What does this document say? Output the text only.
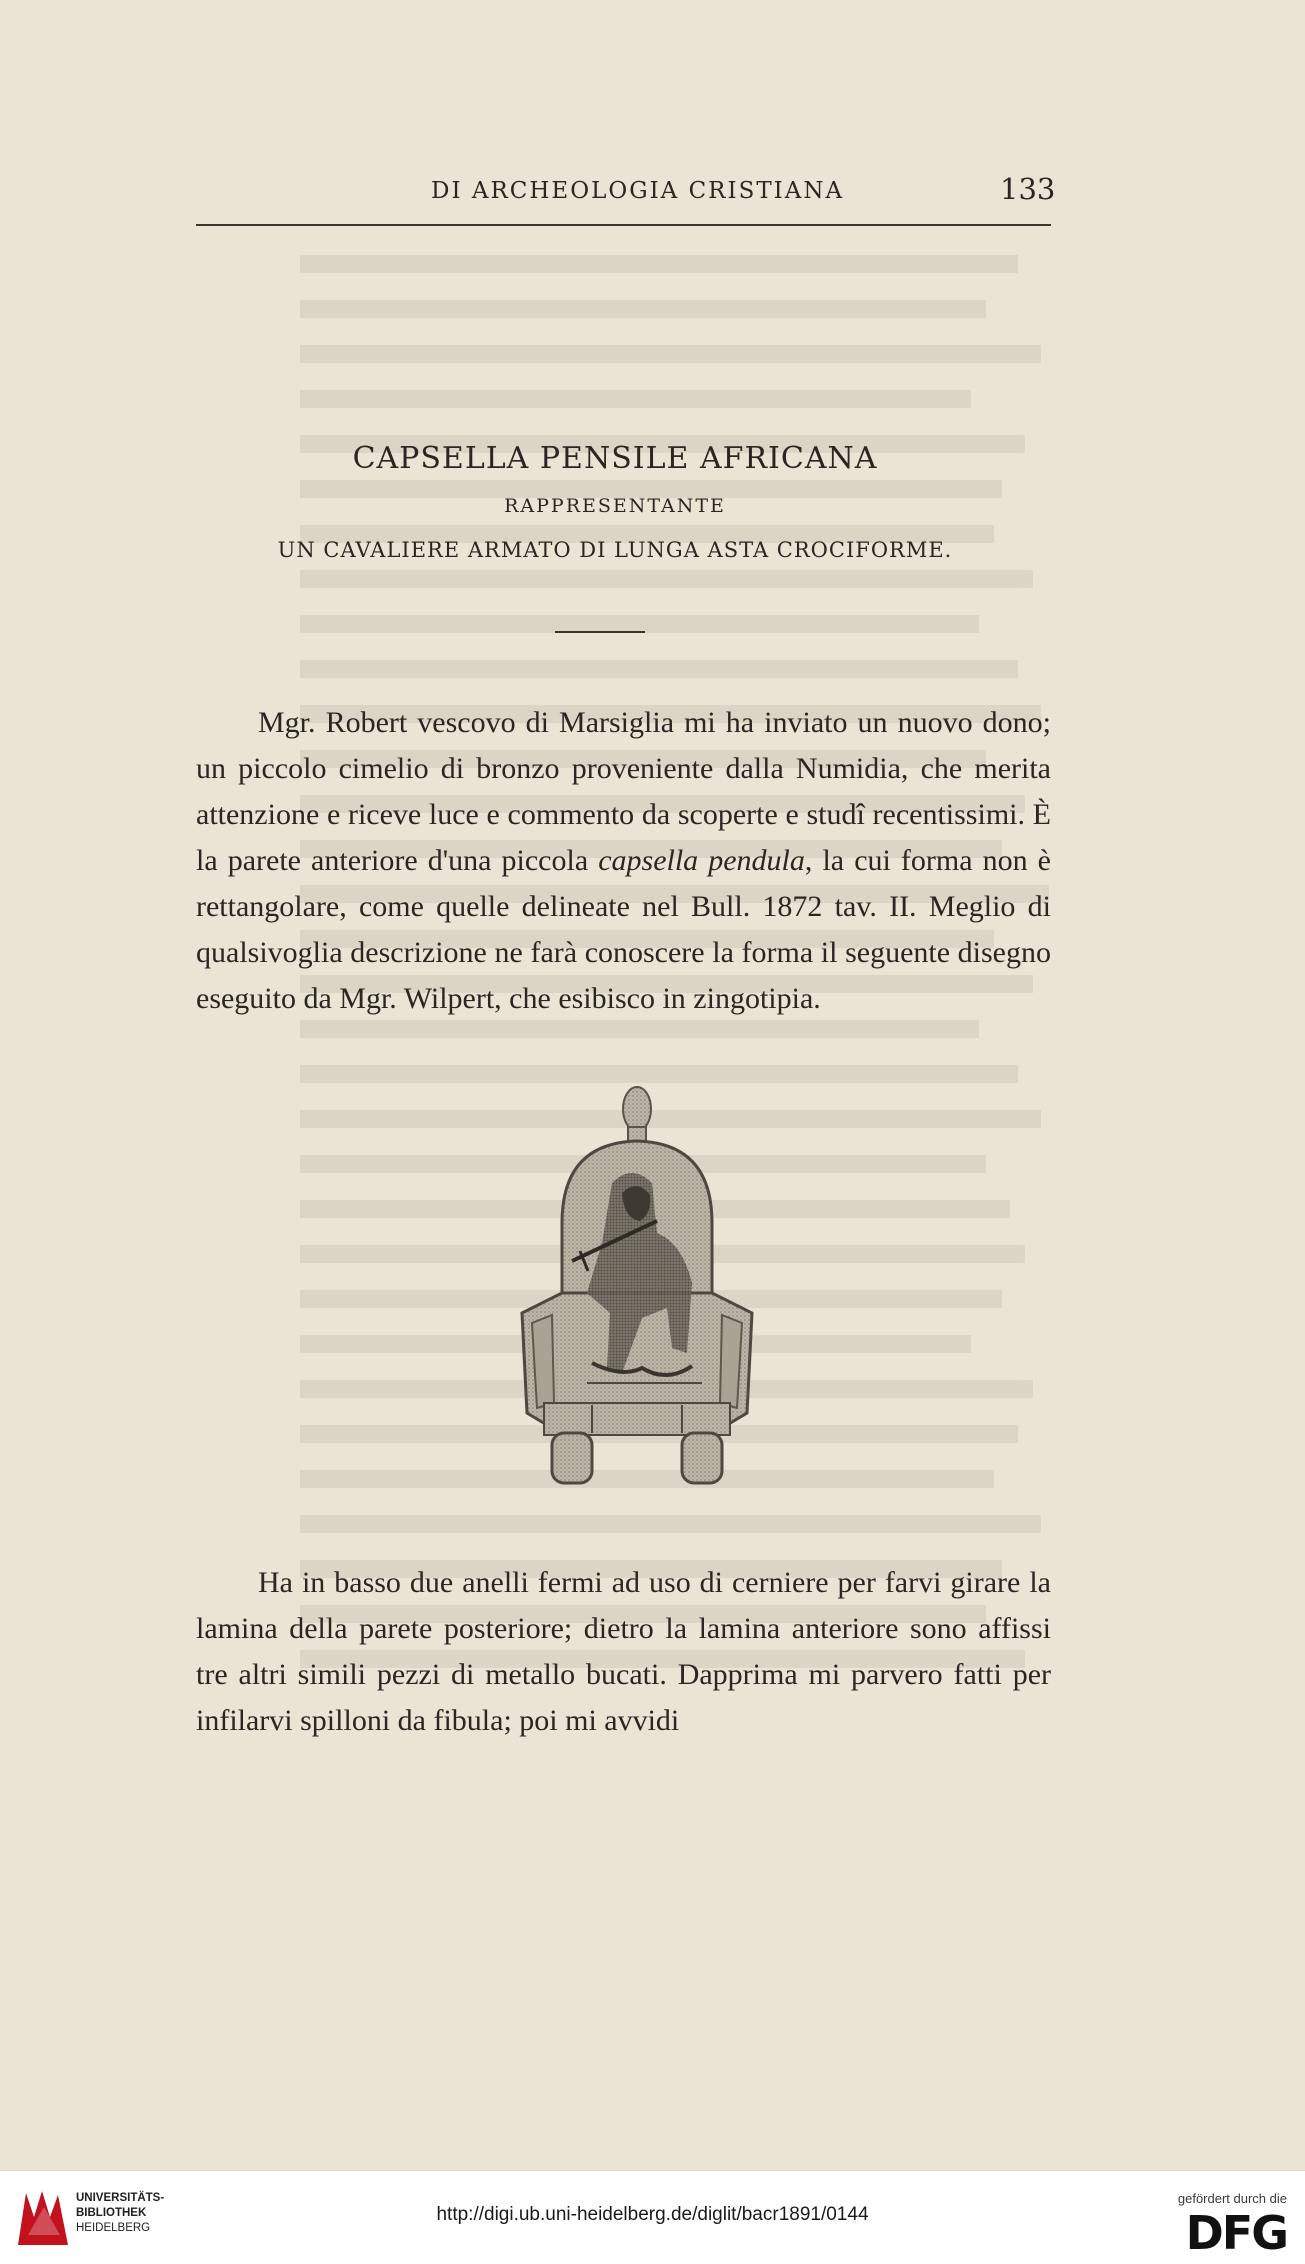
DI ARCHEOLOGIA CRISTIANA	133
CAPSELLA PENSILE AFRICANA
RAPPRESENTANTE
UN CAVALIERE ARMATO DI LUNGA ASTA CROCIFORME.
Mgr. Robert vescovo di Marsiglia mi ha inviato un nuovo dono; un piccolo cimelio di bronzo proveniente dalla Numidia, che merita attenzione e riceve luce e commento da scoperte e studî recentissimi. È la parete anteriore d'una piccola capsella pendula, la cui forma non è rettangolare, come quelle delineate nel Bull. 1872 tav. II. Meglio di qualsivoglia descrizione ne farà conoscere la forma il seguente disegno eseguito da Mgr. Wilpert, che esibisco in zingotipia.
Ha in basso due anelli fermi ad uso di cerniere per farvi girare la lamina della parete posteriore; dietro la lamina anteriore sono affissi tre altri simili pezzi di metallo bucati. Dapprima mi parvero fatti per infilarvi spilloni da fibula; poi mi avvidi
UNIVERSITÄTS-
BIBLIOTHEK
HEIDELBERG
http://digi.ub.uni-heidelberg.de/diglit/bacr1891/0144
gefördert durch die
DFG
